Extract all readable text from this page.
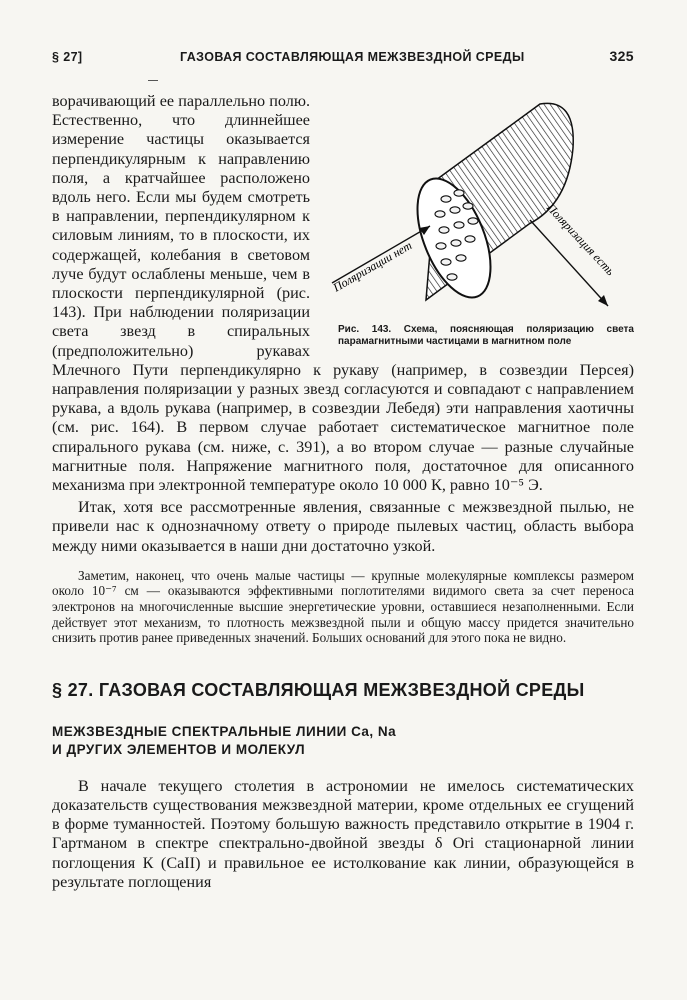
§ 27]	ГАЗОВАЯ СОСТАВЛЯЮЩАЯ МЕЖЗВЕЗДНОЙ СРЕДЫ	325
Поляризации нет	Поляризация есть
Рис. 143. Схема, поясняющая поляризацию света парамагнитными частицами в магнитном поле
ворачивающий ее параллельно полю. Естественно, что длиннейшее измерение частицы оказывается перпендикулярным к направлению поля, а кратчайшее расположено вдоль него. Если мы будем смотреть в направлении, перпендикулярном к силовым линиям, то в плоскости, их содержащей, колебания в световом луче будут ослаблены меньше, чем в плоскости перпендикулярной (рис. 143). При наблюдении поляризации света звезд в спиральных (предположительно) рукавах Млечного Пути перпендикулярно к рукаву (например, в созвездии Персея) направления поляризации у разных звезд согласуются и совпадают с направлением рукава, а вдоль рукава (например, в созвездии Лебедя) эти направления хаотичны (см. рис. 164). В первом случае работает систематическое магнитное поле спирального рукава (см. ниже, с. 391), а во втором случае — разные случайные магнитные поля. Напряжение магнитного поля, достаточное для описанного механизма при электронной температуре около 10 000 К, равно 10⁻⁵ Э.

Итак, хотя все рассмотренные явления, связанные с межзвездной пылью, не привели нас к однозначному ответу о природе пылевых частиц, область выбора между ними оказывается в наши дни достаточно узкой.

Заметим, наконец, что очень малые частицы — крупные молекулярные комплексы размером около 10⁻⁷ см — оказываются эффективными поглотителями видимого света за счет переноса электронов на многочисленные высшие энергетические уровни, оставшиеся незаполненными. Если действует этот механизм, то плотность межзвездной пыли и общую массу придется значительно снизить против ранее приведенных значений. Больших оснований для этого пока не видно.

§ 27. ГАЗОВАЯ СОСТАВЛЯЮЩАЯ МЕЖЗВЕЗДНОЙ СРЕДЫ
МЕЖЗВЕЗДНЫЕ СПЕКТРАЛЬНЫЕ ЛИНИИ Ca, Na
И ДРУГИХ ЭЛЕМЕНТОВ И МОЛЕКУЛ

В начале текущего столетия в астрономии не имелось систематических доказательств существования межзвездной материи, кроме отдельных ее сгущений в форме туманностей. Поэтому большую важность представило открытие в 1904 г. Гартманом в спектре спектрально-двойной звезды δ Ori стационарной линии поглощения К (CaII) и правильное ее истолкование как линии, образующейся в результате поглощения
